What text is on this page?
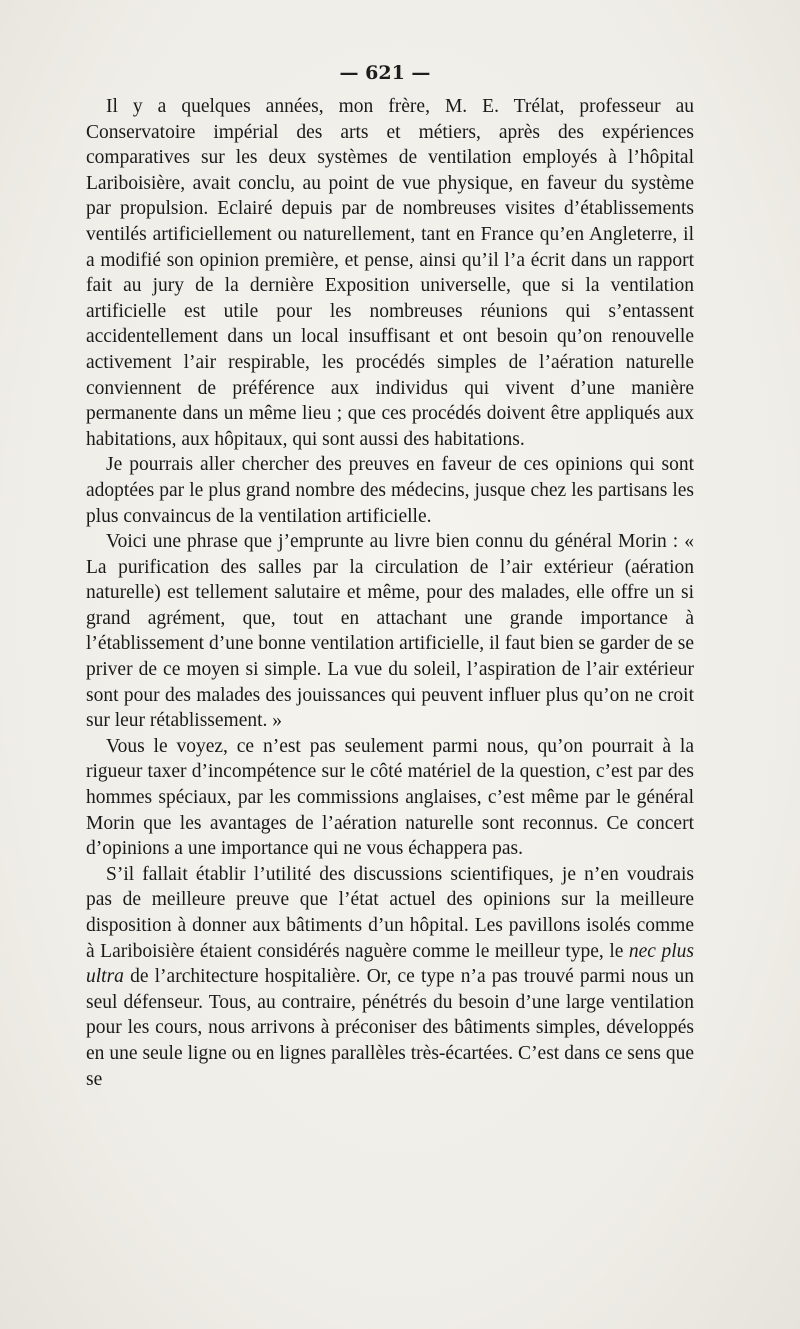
— 621 —

Il y a quelques années, mon frère, M. E. Trélat, professeur au Conservatoire impérial des arts et métiers, après des expériences comparatives sur les deux systèmes de ventilation employés à l’hôpital Lariboisière, avait conclu, au point de vue physique, en faveur du système par propulsion. Eclairé depuis par de nombreuses visites d’établissements ventilés artificiellement ou naturellement, tant en France qu’en Angleterre, il a modifié son opinion première, et pense, ainsi qu’il l’a écrit dans un rapport fait au jury de la dernière Exposition universelle, que si la ventilation artificielle est utile pour les nombreuses réunions qui s’entassent accidentellement dans un local insuffisant et ont besoin qu’on renouvelle activement l’air respirable, les procédés simples de l’aération naturelle conviennent de préférence aux individus qui vivent d’une manière permanente dans un même lieu ; que ces procédés doivent être appliqués aux habitations, aux hôpitaux, qui sont aussi des habitations.

Je pourrais aller chercher des preuves en faveur de ces opinions qui sont adoptées par le plus grand nombre des médecins, jusque chez les partisans les plus convaincus de la ventilation artificielle.

Voici une phrase que j’emprunte au livre bien connu du général Morin : « La purification des salles par la circulation de l’air extérieur (aération naturelle) est tellement salutaire et même, pour des malades, elle offre un si grand agrément, que, tout en attachant une grande importance à l’établissement d’une bonne ventilation artificielle, il faut bien se garder de se priver de ce moyen si simple. La vue du soleil, l’aspiration de l’air extérieur sont pour des malades des jouissances qui peuvent influer plus qu’on ne croit sur leur rétablissement. »

Vous le voyez, ce n’est pas seulement parmi nous, qu’on pourrait à la rigueur taxer d’incompétence sur le côté matériel de la question, c’est par des hommes spéciaux, par les commissions anglaises, c’est même par le général Morin que les avantages de l’aération naturelle sont reconnus. Ce concert d’opinions a une importance qui ne vous échappera pas.

S’il fallait établir l’utilité des discussions scientifiques, je n’en voudrais pas de meilleure preuve que l’état actuel des opinions sur la meilleure disposition à donner aux bâtiments d’un hôpital. Les pavillons isolés comme à Lariboisière étaient considérés naguère comme le meilleur type, le nec plus ultra de l’architecture hospitalière. Or, ce type n’a pas trouvé parmi nous un seul défenseur. Tous, au contraire, pénétrés du besoin d’une large ventilation pour les cours, nous arrivons à préconiser des bâtiments simples, développés en une seule ligne ou en lignes parallèles très-écartées. C’est dans ce sens que se
